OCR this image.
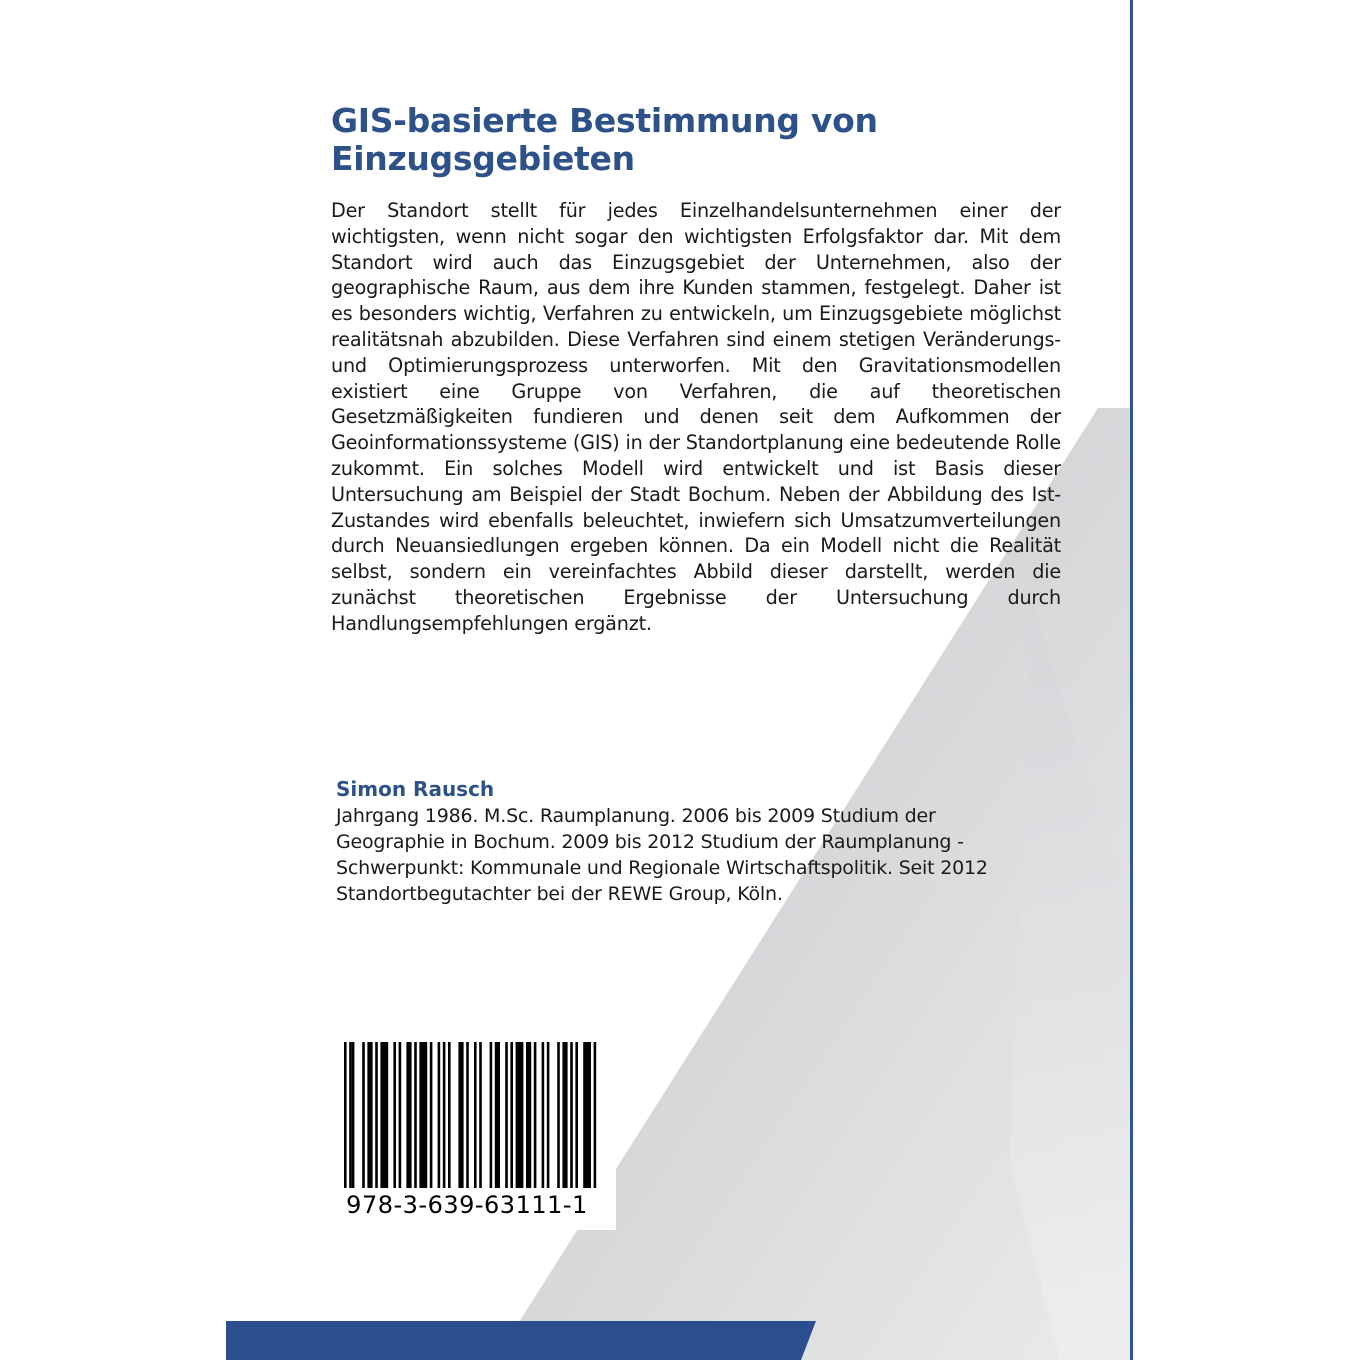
GIS-basierte Bestimmung von
Einzugsgebieten

Der Standort stellt für jedes Einzelhandelsunternehmen einer der wichtigsten, wenn nicht sogar den wichtigsten Erfolgsfaktor dar. Mit dem Standort wird auch das Einzugsgebiet der Unternehmen, also der geographische Raum, aus dem ihre Kunden stammen, festgelegt. Daher ist es besonders wichtig, Verfahren zu entwickeln, um Einzugsgebiete möglichst realitätsnah abzubilden. Diese Verfahren sind einem stetigen Veränderungs- und Optimierungsprozess unterworfen. Mit den Gravitationsmodellen existiert eine Gruppe von Verfahren, die auf theoretischen Gesetzmäßigkeiten fundieren und denen seit dem Aufkommen der Geoinformationssysteme (GIS) in der Standortplanung eine bedeutende Rolle zukommt. Ein solches Modell wird entwickelt und ist Basis dieser Untersuchung am Beispiel der Stadt Bochum. Neben der Abbildung des Ist-Zustandes wird ebenfalls beleuchtet, inwiefern sich Umsatzumverteilungen durch Neuansiedlungen ergeben können. Da ein Modell nicht die Realität selbst, sondern ein vereinfachtes Abbild dieser darstellt, werden die zunächst theoretischen Ergebnisse der Untersuchung durch Handlungsempfehlungen ergänzt.

Simon Rausch

Jahrgang 1986. M.Sc. Raumplanung. 2006 bis 2009 Studium der
Geographie in Bochum. 2009 bis 2012 Studium der Raumplanung -
Schwerpunkt: Kommunale und Regionale Wirtschaftspolitik. Seit 2012
Standortbegutachter bei der REWE Group, Köln.

978-3-639-63111-1
